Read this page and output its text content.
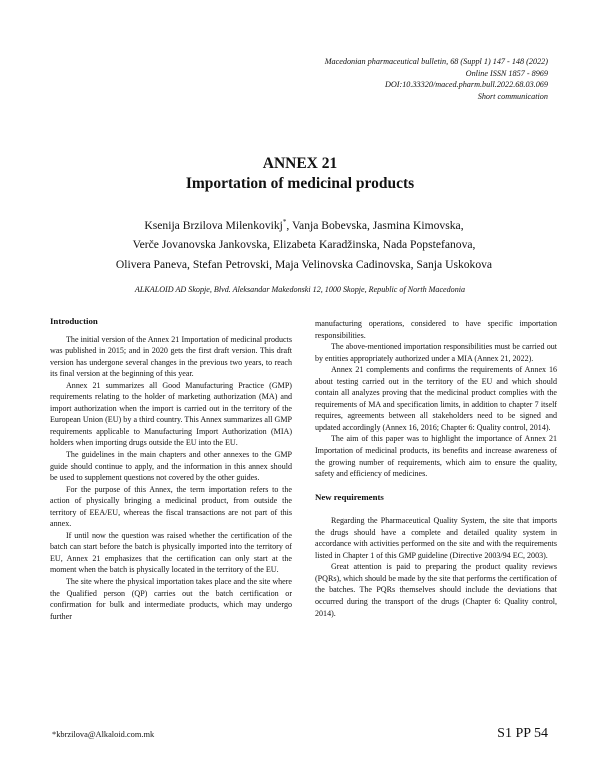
Macedonian pharmaceutical bulletin, 68 (Suppl 1) 147 - 148 (2022)
Online ISSN 1857 - 8969
DOI:10.33320/maced.pharm.bull.2022.68.03.069
Short communication
ANNEX 21
Importation of medicinal products
Ksenija Brzilova Milenkovikj*, Vanja Bobevska, Jasmina Kimovska,
Verče Jovanovska Jankovska, Elizabeta Karadžinska, Nada Popstefanova,
Olivera Paneva, Stefan Petrovski, Maja Velinovska Cadinovska, Sanja Uskokova
ALKALOID AD Skopje, Blvd. Aleksandar Makedonski 12, 1000 Skopje, Republic of North Macedonia
Introduction

The initial version of the Annex 21 Importation of medicinal products was published in 2015; and in 2020 gets the first draft version. This draft version has undergone several changes in the previous two years, to reach its final version at the beginning of this year.

Annex 21 summarizes all Good Manufacturing Practice (GMP) requirements relating to the holder of marketing authorization (MA) and import authorization when the import is carried out in the territory of the European Union (EU) by a third country. This Annex summarizes all GMP requirements applicable to Manufacturing Import Authorization (MIA) holders when importing drugs outside the EU into the EU.

The guidelines in the main chapters and other annexes to the GMP guide should continue to apply, and the information in this annex should be used to supplement questions not covered by the other guides.

For the purpose of this Annex, the term importation refers to the action of physically bringing a medicinal product, from outside the territory of EEA/EU, whereas the fiscal transactions are not part of this annex.

If until now the question was raised whether the certification of the batch can start before the batch is physically imported into the territory of EU, Annex 21 emphasizes that the certification can only start at the moment when the batch is physically located in the territory of the EU.

The site where the physical importation takes place and the site where the Qualified person (QP) carries out the batch certification or confirmation for bulk and intermediate products, which may undergo further

manufacturing operations, considered to have specific importation responsibilities.

The above-mentioned importation responsibilities must be carried out by entities appropriately authorized under a MIA (Annex 21, 2022).

Annex 21 complements and confirms the requirements of Annex 16 about testing carried out in the territory of the EU and which should contain all analyzes proving that the medicinal product complies with the requirements of MA and specification limits, in addition to chapter 7 itself requires, agreements between all stakeholders need to be signed and updated accordingly (Annex 16, 2016; Chapter 6: Quality control, 2014).

The aim of this paper was to highlight the importance of Annex 21 Importation of medicinal products, its benefits and increase awareness of the growing number of requirements, which aim to ensure the quality, safety and efficiency of medicines.

New requirements

Regarding the Pharmaceutical Quality System, the site that imports the drugs should have a complete and detailed quality system in accordance with activities performed on the site and with the requirements listed in Chapter 1 of this GMP guideline (Directive 2003/94 EC, 2003).

Great attention is paid to preparing the product quality reviews (PQRs), which should be made by the site that performs the certification of the batches. The PQRs themselves should include the deviations that occurred during the transport of the drugs (Chapter 6: Quality control, 2014).

*kbrzilova@Alkaloid.com.mk	S1 PP 54
